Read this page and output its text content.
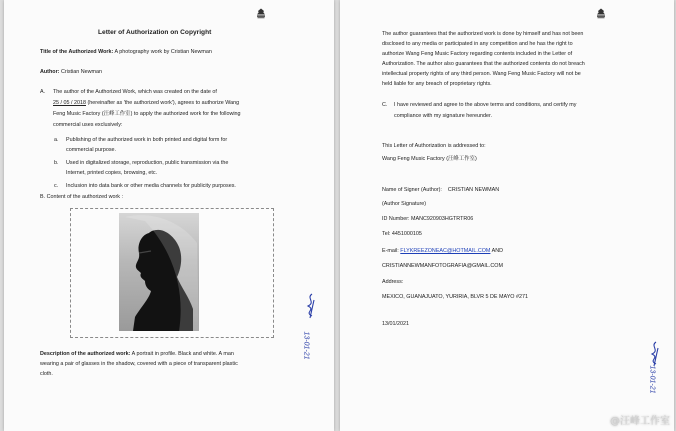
Letter of Authorization on Copyright
Title of the Authorized Work: A photography work by Cristian Newman
Author: Cristian Newman
A. The author of the Authorized Work, which was created on the date of
25 / 05 / 2018 (hereinafter as 'the authorized work'), agrees to authorize Wang
Feng Music Factory (汪峰工作室) to apply the authorized work for the following
commercial uses exclusively:
a. Publishing of the authorized work in both printed and digital form for
commercial purpose.
b. Used in digitalized storage, reproduction, public transmission via the
Internet, printed copies, browsing, etc.
c. Inclusion into data bank or other media channels for publicity purposes.
B. Content of the authorized work :
Description of the authorized work: A portrait in profile. Black and white. A man
wearing a pair of glasses in the shadow, covered with a piece of transparent plastic
cloth.
13-01-21
The author guarantees that the authorized work is done by himself and has not been
disclosed to any media or participated in any competition and he has the right to
authorize Wang Feng Music Factory regarding contents included in the Letter of
Authorization. The author also guarantees that the authorized contents do not breach
intellectual property rights of any third person. Wang Feng Music Factory will not be
held liable for any breach of proprietary rights.
C. I have reviewed and agree to the above terms and conditions, and certify my
compliance with my signature hereunder.
This Letter of Authorization is addressed to:
Wang Feng Music Factory (汪峰工作室)
Name of Signer (Author): CRISTIAN NEWMAN
(Author Signature)
ID Number: MANC920903HGTRTR06
Tel: 4451000105
E-mail: FLYKREEZONEAC@HOTMAIL.COM AND
CRISTIANNEWMANFOTOGRAFIA@GMAIL.COM
Address:
MEXICO, GUANAJUATO, YURIRIA, BLVR 5 DE MAYO #271
13/01/2021
13-01-21
@汪峰工作室
